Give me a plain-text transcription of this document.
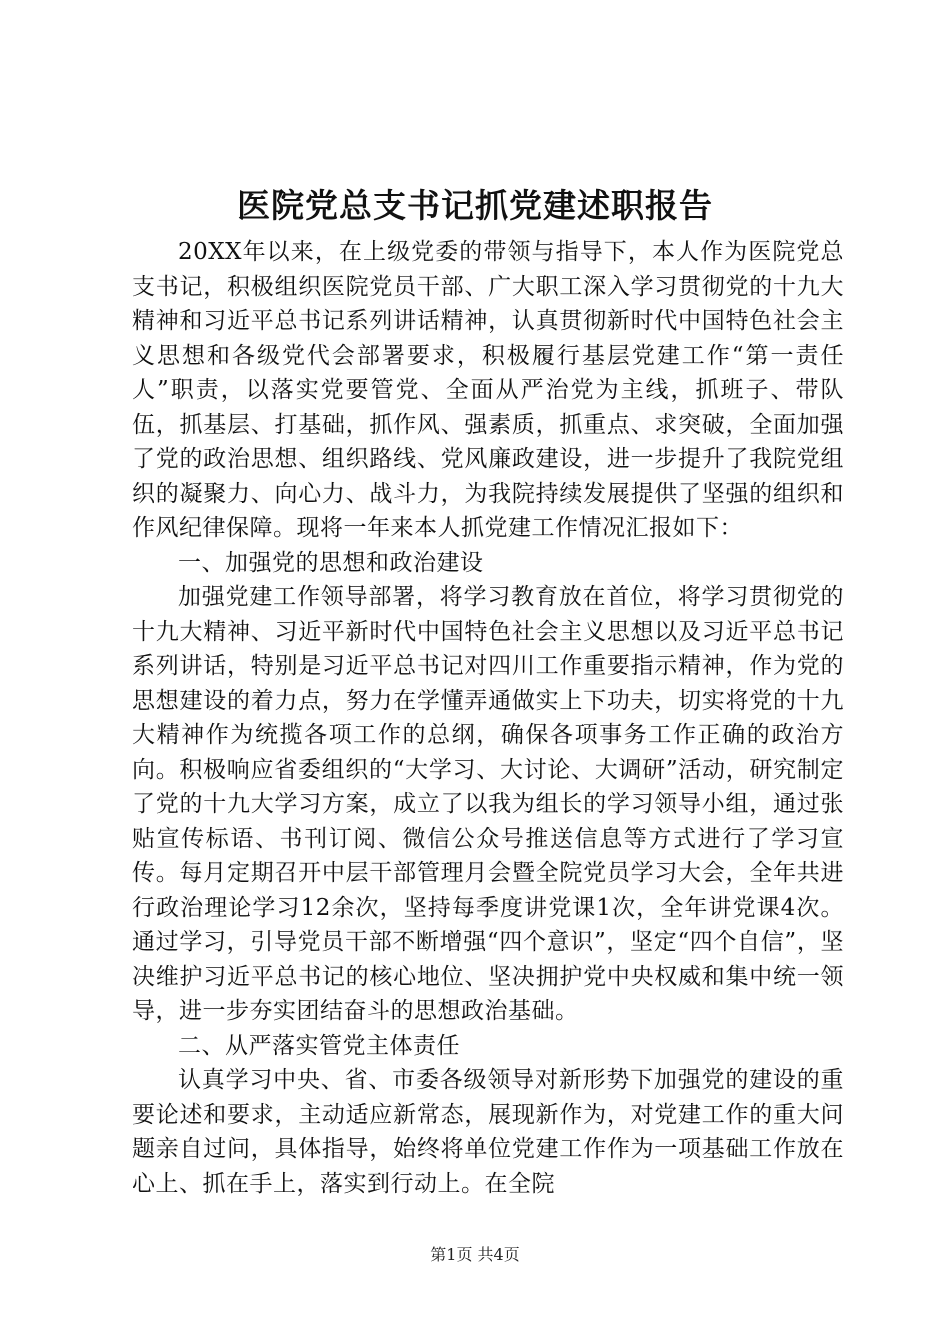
医院党总支书记抓党建述职报告

20XX年以来，在上级党委的带领与指导下，本人作为医院党总支书记，积极组织医院党员干部、广大职工深入学习贯彻党的十九大精神和习近平总书记系列讲话精神，认真贯彻新时代中国特色社会主义思想和各级党代会部署要求，积极履行基层党建工作“第一责任人”职责，以落实党要管党、全面从严治党为主线，抓班子、带队伍，抓基层、打基础，抓作风、强素质，抓重点、求突破，全面加强了党的政治思想、组织路线、党风廉政建设，进一步提升了我院党组织的凝聚力、向心力、战斗力，为我院持续发展提供了坚强的组织和作风纪律保障。现将一年来本人抓党建工作情况汇报如下：

一、加强党的思想和政治建设

加强党建工作领导部署，将学习教育放在首位，将学习贯彻党的十九大精神、习近平新时代中国特色社会主义思想以及习近平总书记系列讲话，特别是习近平总书记对四川工作重要指示精神，作为党的思想建设的着力点，努力在学懂弄通做实上下功夫，切实将党的十九大精神作为统揽各项工作的总纲，确保各项事务工作正确的政治方向。积极响应省委组织的“大学习、大讨论、大调研”活动，研究制定了党的十九大学习方案，成立了以我为组长的学习领导小组，通过张贴宣传标语、书刊订阅、微信公众号推送信息等方式进行了学习宣传。每月定期召开中层干部管理月会暨全院党员学习大会，全年共进行政治理论学习12余次，坚持每季度讲党课1次，全年讲党课4次。通过学习，引导党员干部不断增强“四个意识”，坚定“四个自信”，坚决维护习近平总书记的核心地位、坚决拥护党中央权威和集中统一领导，进一步夯实团结奋斗的思想政治基础。

二、从严落实管党主体责任

认真学习中央、省、市委各级领导对新形势下加强党的建设的重要论述和要求，主动适应新常态，展现新作为，对党建工作的重大问题亲自过问，具体指导，始终将单位党建工作作为一项基础工作放在心上、抓在手上，落实到行动上。在全院

第1页 共4页
